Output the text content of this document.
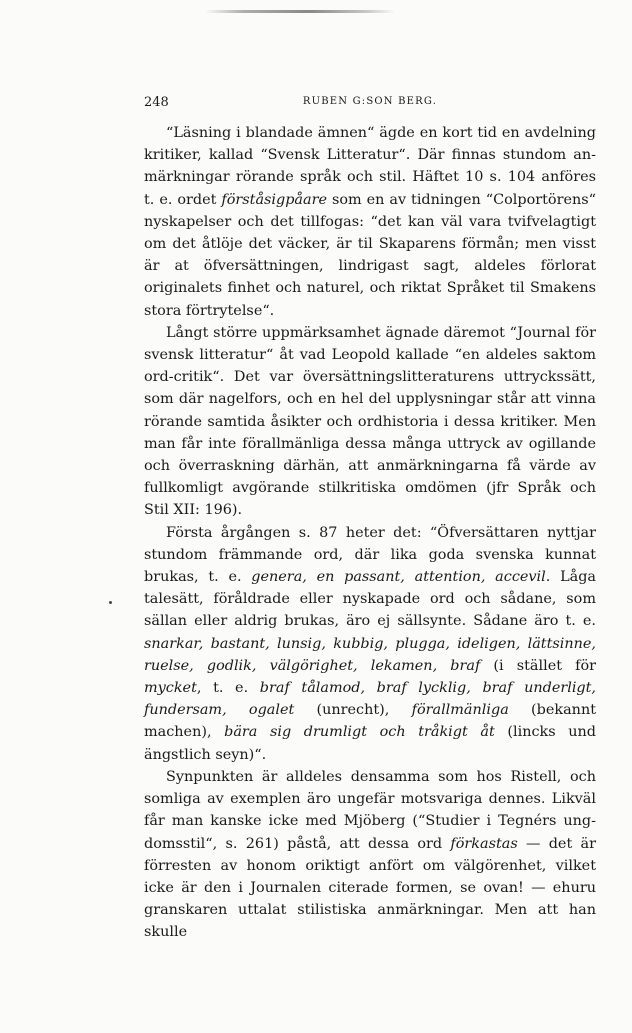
248	RUBEN G:SON BERG.

“Läsning i blandade ämnen“ ägde en kort tid en avdelning kritiker, kallad “Svensk Litteratur“. Där finnas stundom anmärkningar rörande språk och stil. Häftet 10 s. 104 anföres t. e. ordet förståsigpåare som en av tidningen “Colportörens“ nyskapelser och det tillfogas: “det kan väl vara tvifvelagtigt om det åtlöje det väcker, är til Skaparens förmån; men visst är at öfversättningen, lindrigast sagt, aldeles förlorat originalets finhet och naturel, och riktat Språket til Smakens stora förtrytelse“.

Långt större uppmärksamhet ägnade däremot “Journal för svensk litteratur“ åt vad Leopold kallade “en aldeles saktom ord-critik“. Det var översättningslitteraturens uttryckssätt, som där nagelfors, och en hel del upplysningar står att vinna rörande samtida åsikter och ordhistoria i dessa kritiker. Men man får inte förallmänliga dessa många uttryck av ogillande och överraskning därhän, att anmärkningarna få värde av fullkomligt avgörande stilkritiska omdömen (jfr Språk och Stil XII: 196).

Första årgången s. 87 heter det: “Öfversättaren nyttjar stundom främmande ord, där lika goda svenska kunnat brukas, t. e. genera, en passant, attention, accevil. Låga talesätt, föråldrade eller nyskapade ord och sådane, som sällan eller aldrig brukas, äro ej sällsynte. Sådane äro t. e. snarkar, bastant, lunsig, kubbig, plugga, ideligen, lättsinne, ruelse, godlik, välgörighet, lekamen, braf (i stället för mycket, t. e. braf tålamod, braf lycklig, braf underligt, fundersam, ogalet (unrecht), förallmänliga (bekannt machen), bära sig drumligt och tråkigt åt (lincks und ängstlich seyn)“.

Synpunkten är alldeles densamma som hos Ristell, och somliga av exemplen äro ungefär motsvariga dennes. Likväl får man kanske icke med Mjöberg (“Studier i Tegnérs ungdomsstil“, s. 261) påstå, att dessa ord förkastas — det är förresten av honom oriktigt anfört om välgörenhet, vilket icke är den i Journalen citerade formen, se ovan! — ehuru granskaren uttalat stilistiska anmärkningar. Men att han skulle
